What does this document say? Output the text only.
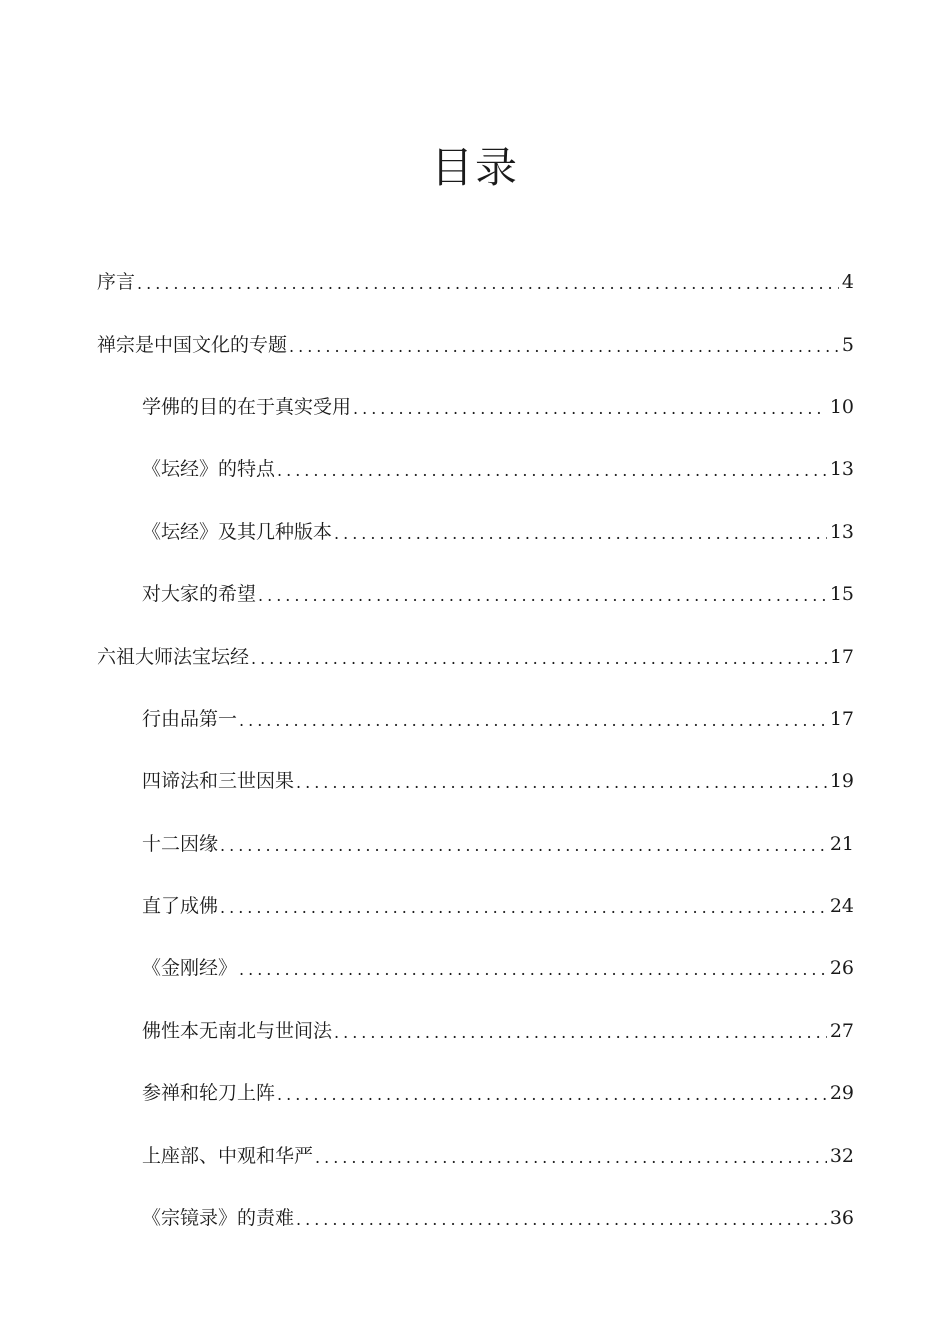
目录
序言 .....	4
禅宗是中国文化的专题 .....	5
学佛的目的在于真实受用 .....	10
《坛经》的特点 .....	13
《坛经》及其几种版本 .....	13
对大家的希望 .....	15
六祖大师法宝坛经 .....	17
行由品第一 .....	17
四谛法和三世因果 .....	19
十二因缘 .....	21
直了成佛 .....	24
《金刚经》 .....	26
佛性本无南北与世间法 .....	27
参禅和轮刀上阵 .....	29
上座部、中观和华严 .....	32
《宗镜录》的责难 .....	36
